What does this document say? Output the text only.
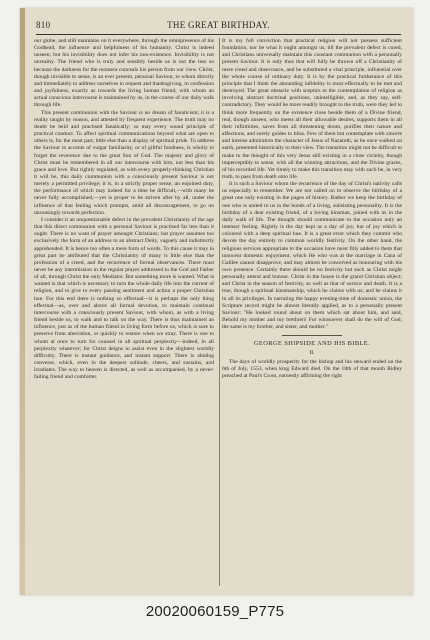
810	THE GREAT BIRTHDAY.

our globe, and still maintains on it everywhere, through the omnipresence of his Godhead, the influence and helpfulness of his humanity. Christ is indeed unseen; but his invisibility does not infer his non-existence. Invisibility is not unreality. The friend who is truly and sensibly beside us is not the less so because the darkness for the moment conceals his person from our view. Christ, though invisible to sense, is an ever present, personal Saviour, to whom directly and immediately to address ourselves in request and thanksgiving, in confession and joyfulness, exactly as towards the living human friend, with whom an actual conscious intercourse is maintained by us, in the course of our daily walk through life.

This present communion with the Saviour is no dream of fanaticism; it is a reality taught by reason, and attested by frequent experience. The truth may no doubt be held and practised fanatically; so may every sound principle of practical conduct. To affect spiritual communications beyond what are open to others is, for the most part, little else than a display of spiritual pride. To address the Saviour in accents of vulgar familiarity, or of giftful fondness, is wholly to forget the reverence due to the great Son of God. The majesty and glory of Christ must be remembered in all our intercourse with him, not less than his grace and love. But rightly regulated, as with every properly-thinking Christian it will be, this daily communion with a consciously present Saviour is not merely a permitted privilege; it is, in a strictly proper sense, an enjoined duty, the performance of which may indeed for a time be difficult,—with many be never fully accomplished,—yet is proper to be striven after by all, under the influence of that feeling which prompts, amid all discouragement, to go on unceasingly towards perfection.

I consider it an unquestionable defect in the prevalent Christianity of the age that this direct communion with a personal Saviour is practised far less than it ought. There is no want of prayer amongst Christians; but prayer assumes too exclusively the form of an address to an abstract Deity, vaguely and indistinctly apprehended. It is hence too often a mere form of words. To this cause it may in great part be attributed that the Christianity of many is little else than the profession of a creed, and the recurrence of formal observances. There must never be any intermission in the regular prayer addressed to the God and Father of all, through Christ the only Mediator. But something more is wanted. What is wanted is that which is necessary to turn the whole daily life into the current of religion, and to give to every passing sentiment and action a proper Christian hue. For this end there is nothing so effectual—it is perhaps the only thing effectual—as, over and above all formal devotion, to maintain continual intercourse with a consciously present Saviour, with whom, as with a living friend beside us, to walk and to talk on the way. There is thus maintained an influence, just as of the human friend in living form before us, which is sure to preserve from aberration, or quickly to restore when we stray. There is one to whom at once to turn for counsel in all spiritual perplexity—indeed, in all perplexity whatever; for Christ deigns to assist even in the slightest worldly difficulty. There is instant guidance, and instant support. There is abiding converse, which, even in the deepest solitude, cheers, and sustains, and irradiates. The way to heaven is directed, as well as accompanied, by a never-failing friend and comforter.

It is my full conviction that practical religion will not possess sufficient foundation, nor be what it ought amongst us, till the prevalent defect is cured, and Christians universally maintain this constant communion with a personally present Saviour. It is only thus that will fully be thrown off a Christianity of mere creed and observance, and be substituted a vital principle, influential over the whole course of ordinary duty. It is by the practical furtherance of this principle that I think the abounding infidelity is most effectually to be met and destroyed. The great obstacle with sceptics to the contemplation of religion as involving abstract doctrinal positions, unintelligible, and, as they say, self-contradictory. They would be more readily brought to the truth, were they led to think more frequently on the existence close beside them of a Divine friend, real, though unseen, who meets all their allowable desires, supports them in all their infirmities, saves from all threatening doom, purifies their nature and affections, and surely guides to bliss. Few of them but contemplate with sincere and intense admiration the character of Jesus of Nazareth, as he once walked on earth, presented historically to their view. The transition might not be difficult to make to the thought of this very Jesus still existing in a close vicinity, though imperceptibly to sense, with all the winning attractions, and the Divine graces, of his recorded life. Yet timely to make this transition may with such be, in very truth, to pass from death unto life.

It is such a Saviour whom the recurrence of the day of Christ's nativity calls us especially to remember. We are not called on to observe the birthday of a great one only existing in the pages of history. Rather we keep the birthday of one who is united to us in the bonds of a living, subsisting personality. It is the birthday of a dear existing friend, of a loving kinsman, joined with us in the daily walk of life. The thought should communicate to the occasion only an intenser feeling. Rightly is the day kept as a day of joy, but of joy which is coloured with a deep spiritual hue. It is a great error which they commit who devote the day entirely to common worldly festivity. On the other hand, the religious services appropriate to the occasion have most fitly added to them that innocent domestic enjoyment, which He who was at the marriage in Cana of Galilee cannot disapprove, and may almost be conceived as honouring with his own presence. Certainly there should be no festivity but such as Christ might personally attend and honour. Christ in the house is the grand Christian object; and Christ in the season of festivity, as well as that of sorrow and death. It is a true, though a spiritual kinsmanship, which he claims with us; and he claims it in all its privileges. In narrating the happy evening-time of domestic union, the Scripture record might be almost literally applied, as to a personally present Saviour: "He looked round about on them which sat about him, and said, Behold my mother and my brethren! For whosoever shall do the will of God, the same is my brother, and sister, and mother."

GEORGE SHIPSIDE AND HIS BIBLE.
II.

The days of worldly prosperity for the bishop and his steward ended on the 6th of July, 1553, when king Edward died. On the 18th of that month Ridley preached at Paul's Cross, earnestly affirming the right

20020060159_P775
